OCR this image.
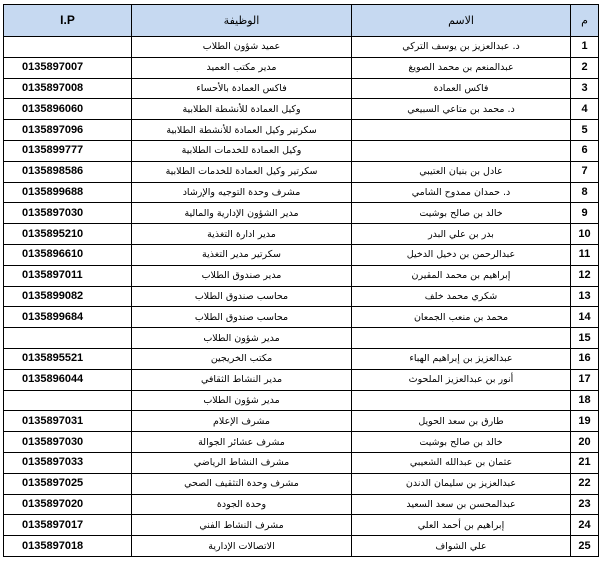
م	الاسم	الوظيفة	I.P
1	د. عبدالعزيز بن يوسف التركي	عميد شؤون الطلاب	
2	عبدالمنعم بن محمد الصويغ	مدير مكتب العميد	0135897007
3	فاكس العمادة	فاكس العمادة بالأحساء	0135897008
4	د. محمد بن متاعي السبيعي	وكيل العمادة للأنشطة الطلابية	0135896060
5		سكرتير وكيل العمادة للأنشطة الطلابية	0135897096
6		وكيل العمادة للخدمات الطلابية	0135899777
7	عادل بن بنيان العتيبي	سكرتير وكيل العمادة للخدمات الطلابية	0135898586
8	د. حمدان ممدوح الشامي	مشرف وحدة التوجيه والإرشاد	0135899688
9	خالد بن صالح بوشيت	مدير الشؤون الإدارية والمالية	0135897030
10	بدر بن علي البدر	مدير ادارة التغذية	0135895210
11	عبدالرحمن بن دخيل الدخيل	سكرتير مدير التغذية	0135896610
12	إبراهيم بن محمد المقيرن	مدير صندوق الطلاب	0135897011
13	شكري محمد خلف	محاسب صندوق الطلاب	0135899082
14	محمد بن منعب الجمعان	محاسب صندوق الطلاب	0135899684
15		مدير شؤون الطلاب	
16	عبدالعزيز بن إبراهيم الهباء	مكتب الخريجين	0135895521
17	أنور بن عبدالعزيز الملحوث	مدير النشاط الثقافي	0135896044
18		مدير شؤون الطلاب	
19	طارق بن سعد الحويل	مشرف الإعلام	0135897031
20	خالد بن صالح بوشيت	مشرف عشائر الجوالة	0135897030
21	عثمان بن عبدالله الشعيبي	مشرف النشاط الرياضي	0135897033
22	عبدالعزيز بن سليمان الدندن	مشرف وحدة التثقيف الصحي	0135897025
23	عبدالمحسن بن سعد السعيد	وحدة الجودة	0135897020
24	إبراهيم بن أحمد العلي	مشرف النشاط الفني	0135897017
25	علي الشواف	الاتصالات الإدارية	0135897018
